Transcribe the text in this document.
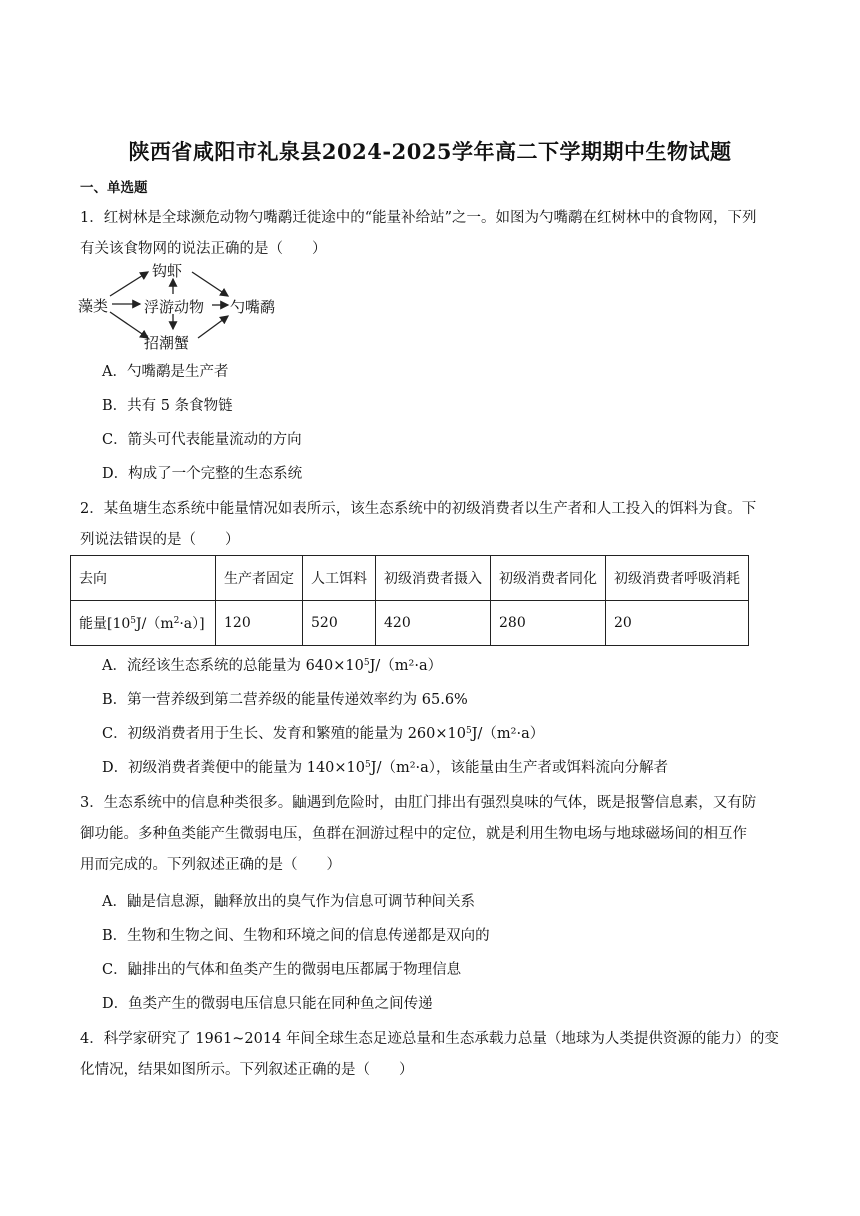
陕西省咸阳市礼泉县2024-2025学年高二下学期期中生物试题
一、单选题
1．红树林是全球濒危动物勺嘴鹬迁徙途中的“能量补给站”之一。如图为勺嘴鹬在红树林中的食物网，下列
有关该食物网的说法正确的是（　　）
藻类
钩虾
浮游动物
招潮蟹
勺嘴鹬
A．勺嘴鹬是生产者
B．共有 5 条食物链
C．箭头可代表能量流动的方向
D．构成了一个完整的生态系统
2．某鱼塘生态系统中能量情况如表所示，该生态系统中的初级消费者以生产者和人工投入的饵料为食。下
列说法错误的是（　　）
去向	生产者固定	人工饵料	初级消费者摄入	初级消费者同化	初级消费者呼吸消耗
能量$[10^5J/(m^2\cdot a)]$	120	520	420	280	20
A．流经该生态系统的总能量为 $640\times 10^5J/(m^2\cdot a)$
B．第一营养级到第二营养级的能量传递效率约为 65.6%
C．初级消费者用于生长、发育和繁殖的能量为 $260\times 10^5J/(m^2\cdot a)$
D．初级消费者粪便中的能量为 $140\times 10^5J/(m^2\cdot a)$，该能量由生产者或饵料流向分解者
3．生态系统中的信息种类很多。鼬遇到危险时，由肛门排出有强烈臭味的气体，既是报警信息素，又有防
御功能。多种鱼类能产生微弱电压，鱼群在洄游过程中的定位，就是利用生物电场与地球磁场间的相互作
用而完成的。下列叙述正确的是（　　）
A．鼬是信息源，鼬释放出的臭气作为信息可调节种间关系
B．生物和生物之间、生物和环境之间的信息传递都是双向的
C．鼬排出的气体和鱼类产生的微弱电压都属于物理信息
D．鱼类产生的微弱电压信息只能在同种鱼之间传递
4．科学家研究了 1961~2014 年间全球生态足迹总量和生态承载力总量（地球为人类提供资源的能力）的变
化情况，结果如图所示。下列叙述正确的是（　　）
